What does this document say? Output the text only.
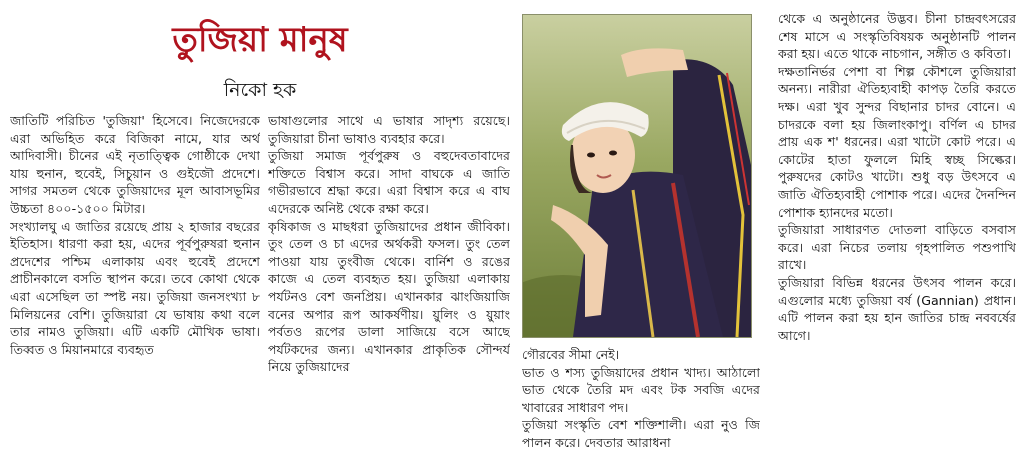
তুজিয়া মানুষ

নিকো হক

জাতিটি পরিচিত 'তুজিয়া' হিসেবে। নিজেদেরকে এরা অভিহিত করে বিজিকা নামে, যার অর্থ আদিবাসী। চীনের এই নৃতাত্ত্বিক গোষ্ঠীকে দেখা যায় হুনান, হুবেই, সিচুয়ান ও গুইজৌ প্রদেশে। সাগর সমতল থেকে তুজিয়াদের মূল আবাসভূমির উচ্চতা ৪০০-১৫০০ মিটার।

সংখ্যালঘু এ জাতির রয়েছে প্রায় ২ হাজার বছরের ইতিহাস। ধারণা করা হয়, এদের পূর্বপুরুষরা হুনান প্রদেশের পশ্চিম এলাকায় এবং হুবেই প্রদেশে প্রাচীনকালে বসতি স্থাপন করে। তবে কোথা থেকে এরা এসেছিল তা স্পষ্ট নয়। তুজিয়া জনসংখ্যা ৮ মিলিয়নের বেশি। তুজিয়ারা যে ভাষায় কথা বলে তার নামও তুজিয়া। এটি একটি মৌখিক ভাষা। তিব্বত ও মিয়ানমারে ব্যবহৃত

ভাষাগুলোর সাথে এ ভাষার সাদৃশ্য রয়েছে। তুজিয়ারা চীনা ভাষাও ব্যবহার করে।

তুজিয়া সমাজ পূর্বপুরুষ ও বহুদেবতাবাদের শক্তিতে বিশ্বাস করে। সাদা বাঘকে এ জাতি গভীরভাবে শ্রদ্ধা করে। এরা বিশ্বাস করে এ বাঘ এদেরকে অনিষ্ট থেকে রক্ষা করে।

কৃষিকাজ ও মাছধরা তুজিয়াদের প্রধান জীবিকা। তুং তেল ও চা এদের অর্থকরী ফসল। তুং তেল পাওয়া যায় তুংবীজ থেকে। বার্নিশ ও রঙের কাজে এ তেল ব্যবহৃত হয়। তুজিয়া এলাকায় পর্যটনও বেশ জনপ্রিয়। এখানকার ঝাংজিয়াজি বনের অপার রূপ আকর্ষণীয়। য়ুলিং ও য়ুয়াং পর্বতও রূপের ডালা সাজিয়ে বসে আছে পর্যটকদের জন্য। এখানকার প্রাকৃতিক সৌন্দর্য নিয়ে তুজিয়াদের

গৌরবের সীমা নেই।

ভাত ও শস্য তুজিয়াদের প্রধান খাদ্য। আঠালো ভাত থেকে তৈরি মদ এবং টক সবজি এদের খাবারের সাধারণ পদ।

তুজিয়া সংস্কৃতি বেশ শক্তিশালী। এরা নুও জি পালন করে। দেবতার আরাধনা

থেকে এ অনুষ্ঠানের উদ্ভব। চীনা চান্দ্রবৎসরের শেষ মাসে এ সংস্কৃতিবিষয়ক অনুষ্ঠানটি পালন করা হয়। এতে থাকে নাচগান, সঙ্গীত ও কবিতা।

দক্ষতানির্ভর পেশা বা শিল্প কৌশলে তুজিয়ারা অনন্য। নারীরা ঐতিহ্যবাহী কাপড় তৈরি করতে দক্ষ। এরা খুব সুন্দর বিছানার চাদর বোনে। এ চাদরকে বলা হয় জিলাংকাপু। বর্ণিল এ চাদর প্রায় এক শ' ধরনের। এরা খাটো কোট পরে। এ কোটের হাতা ফুললে মিহি স্বচ্ছ সিল্কের। পুরুষদের কোটও খাটো। শুধু বড় উৎসবে এ জাতি ঐতিহ্যবাহী পোশাক পরে। এদের দৈনন্দিন পোশাক হ্যানদের মতো।

তুজিয়ারা সাধারণত দোতলা বাড়িতে বসবাস করে। এরা নিচের তলায় গৃহপালিত পশুপাখি রাখে।

তুজিয়ারা বিভিন্ন ধরনের উৎসব পালন করে। এগুলোর মধ্যে তুজিয়া বর্ষ (Gannian) প্রধান। এটি পালন করা হয় হান জাতির চান্দ্র নববর্ষের আগে।
